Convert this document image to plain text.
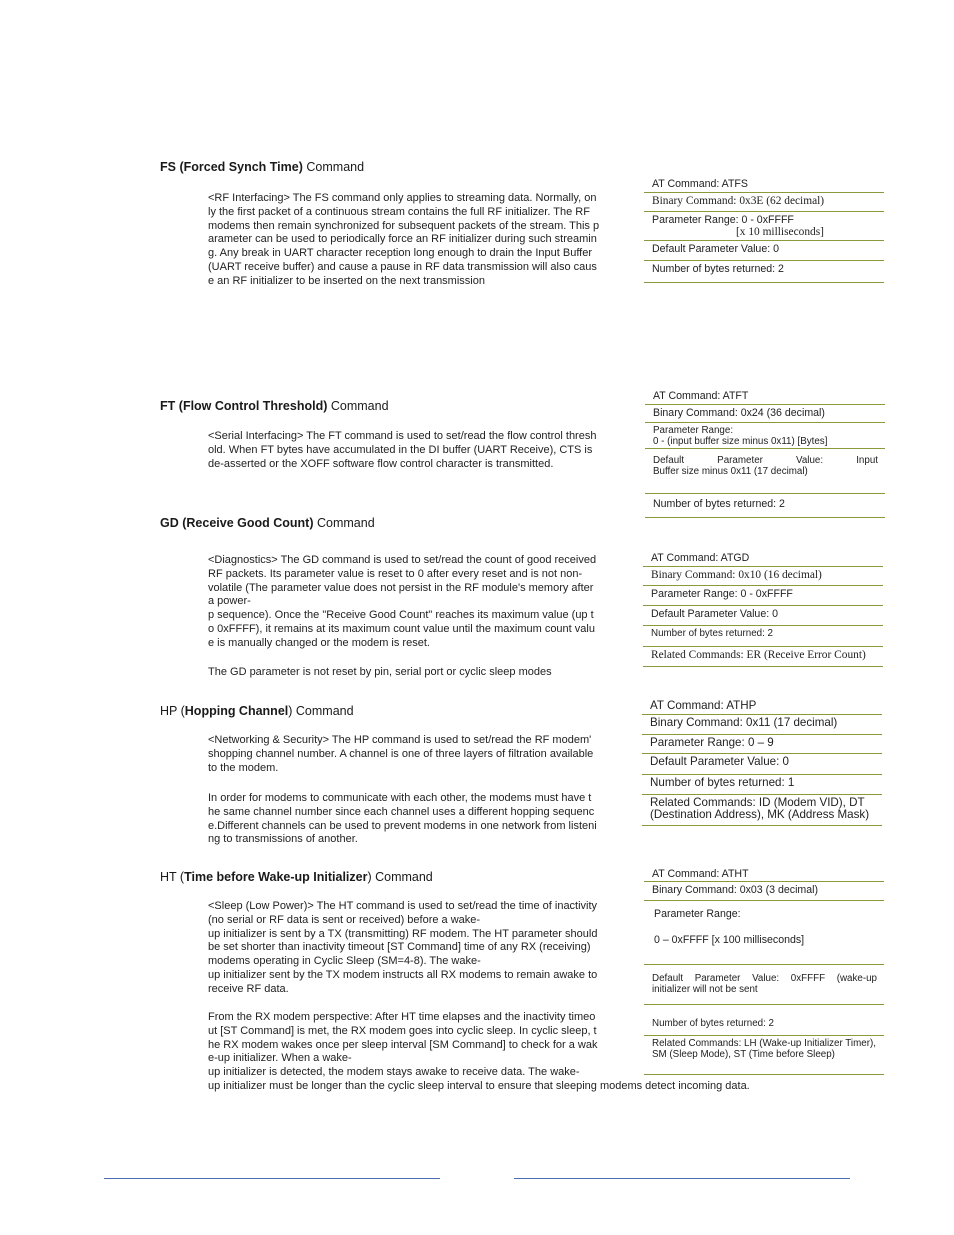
FS (Forced Synch Time) Command
<RF Interfacing> The FS command only applies to streaming data. Normally, on
ly the first packet of a continuous stream contains the full RF initializer. The RF
modems then remain synchronized for subsequent packets of the stream. This p
arameter can be used to periodically force an RF initializer during such streamin
g. Any break in UART character reception long enough to drain the Input Buffer
(UART receive buffer) and cause a pause in RF data transmission will also caus
e an RF initializer to be inserted on the next transmission
AT Command: ATFS
Binary Command: 0x3E (62 decimal)
Parameter Range: 0 - 0xFFFF
[x 10 milliseconds]
Default Parameter Value: 0
Number of bytes returned: 2
FT (Flow Control Threshold) Command
<Serial Interfacing> The FT command is used to set/read the flow control thresh
old. When FT bytes have accumulated in the DI buffer (UART Receive), CTS is
de-asserted or the XOFF software flow control character is transmitted.
AT Command: ATFT
Binary Command: 0x24 (36 decimal)
Parameter Range:
0 - (input buffer size minus 0x11) [Bytes]
Default Parameter Value: Input
Buffer size minus 0x11 (17 decimal)
Number of bytes returned: 2
GD (Receive Good Count) Command
<Diagnostics> The GD command is used to set/read the count of good received
RF packets. Its parameter value is reset to 0 after every reset and is not non-
volatile (The parameter value does not persist in the RF module's memory after
a power-
p sequence). Once the "Receive Good Count" reaches its maximum value (up t
o 0xFFFF), it remains at its maximum count value until the maximum count valu
e is manually changed or the modem is reset.
The GD parameter is not reset by pin, serial port or cyclic sleep modes
AT Command: ATGD
Binary Command: 0x10 (16 decimal)
Parameter Range: 0 - 0xFFFF
Default Parameter Value: 0
Number of bytes returned: 2
Related Commands: ER (Receive Error Count)
HP (Hopping Channel) Command
<Networking & Security> The HP command is used to set/read the RF modem'
shopping channel number. A channel is one of three layers of filtration available
to the modem.
In order for modems to communicate with each other, the modems must have t
he same channel number since each channel uses a different hopping sequenc
e.Different channels can be used to prevent modems in one network from listeni
ng to transmissions of another.
AT Command: ATHP
Binary Command: 0x11 (17 decimal)
Parameter Range: 0 – 9
Default Parameter Value: 0
Number of bytes returned: 1
Related Commands: ID (Modem VID), DT (Destination Address), MK (Address Mask)
HT (Time before Wake-up Initializer) Command
<Sleep (Low Power)> The HT command is used to set/read the time of inactivity
(no serial or RF data is sent or received) before a wake-
up initializer is sent by a TX (transmitting) RF modem. The HT parameter should
be set shorter than inactivity timeout [ST Command] time of any RX (receiving)
modems operating in Cyclic Sleep (SM=4-8). The wake-
up initializer sent by the TX modem instructs all RX modems to remain awake to
receive RF data.
From the RX modem perspective: After HT time elapses and the inactivity timeo
ut [ST Command] is met, the RX modem goes into cyclic sleep. In cyclic sleep, t
he RX modem wakes once per sleep interval [SM Command] to check for a wak
e-up initializer. When a wake-
up initializer is detected, the modem stays awake to receive data. The wake-
up initializer must be longer than the cyclic sleep interval to ensure that sleeping modems detect incoming data.
AT Command: ATHT
Binary Command: 0x03 (3 decimal)
Parameter Range:
0 – 0xFFFF [x 100 milliseconds]
Default Parameter Value: 0xFFFF (wake-up initializer will not be sent
Number of bytes returned: 2
Related Commands: LH (Wake-up Initializer Timer), SM (Sleep Mode), ST (Time before Sleep)
